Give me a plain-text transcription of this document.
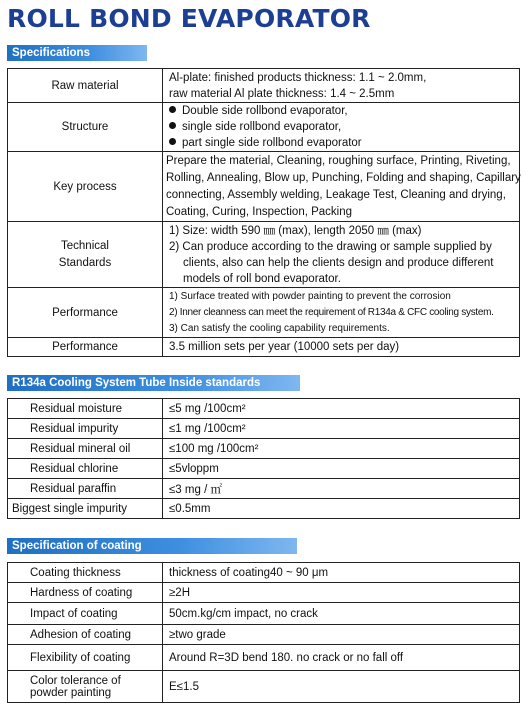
ROLL BOND EVAPORATOR
Specifications
Raw material	Al-plate: finished products thickness: 1.1 ~ 2.0mm,
raw material Al plate thickness: 1.4 ~ 2.5mm

Structure	Double side rollbond evaporator,
single side rollbond evaporator,
part single side rollbond evaporator

Key process	Prepare the material, Cleaning, roughing surface, Printing, Riveting,
Rolling, Annealing, Blow up, Punching, Folding and shaping, Capillary
connecting, Assembly welding, Leakage Test, Cleaning and drying,
Coating, Curing, Inspection, Packing

Technical
Standards	1) Size: width 590 ㎜ (max), length 2050 ㎜ (max)
2) Can produce according to the drawing or sample supplied by
clients, also can help the clients design and produce different
models of roll bond evaporator.

Performance	1) Surface treated with powder painting to prevent the corrosion
2) Inner cleanness can meet the requirement of R134a & CFC cooling system.
3) Can satisfy the cooling capability requirements.

Performance	3.5 million sets per year (10000 sets per day)
R134a Cooling System Tube Inside standards
Residual moisture	≤5 mg /100cm²
Residual impurity	≤1 mg /100cm²
Residual mineral oil	≤100 mg /100cm²
Residual chlorine	≤5vloppm
Residual paraffin	≤3 mg / ㎡
Biggest single impurity	≤0.5mm
Specification of coating
Coating thickness	thickness of coating40 ~ 90 μm
Hardness of coating	≥2H
Impact of coating	50cm.kg/cm impact, no crack
Adhesion of coating	≥two grade
Flexibility of coating	Around R=3D bend 180. no crack or no fall off

Color tolerance of
powder painting	E≤1.5
